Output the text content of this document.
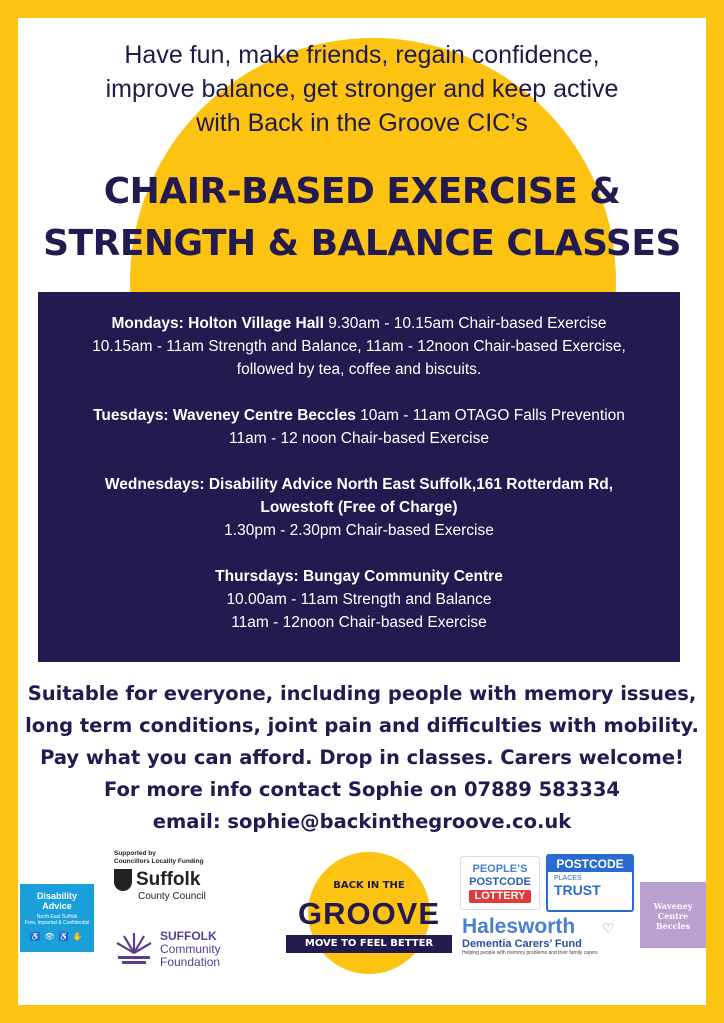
Have fun, make friends, regain confidence,
improve balance, get stronger and keep active
with Back in the Groove CIC’s
CHAIR-BASED EXERCISE &
STRENGTH & BALANCE CLASSES
Mondays: Holton Village Hall 9.30am - 10.15am Chair-based Exercise
10.15am - 11am Strength and Balance, 11am - 12noon Chair-based Exercise,
followed by tea, coffee and biscuits.
Tuesdays: Waveney Centre Beccles 10am - 11am OTAGO Falls Prevention
11am - 12 noon Chair-based Exercise
Wednesdays: Disability Advice North East Suffolk,161 Rotterdam Rd,
Lowestoft (Free of Charge)
1.30pm - 2.30pm Chair-based Exercise
Thursdays: Bungay Community Centre
10.00am - 11am Strength and Balance
11am - 12noon Chair-based Exercise
Suitable for everyone, including people with memory issues,
long term conditions, joint pain and difficulties with mobility.
Pay what you can afford. Drop in classes. Carers welcome!
For more info contact Sophie on 07889 583334
email: sophie@backinthegroove.co.uk
Disability
Advice
North East Suffolk
Free, Impartial & Confidential
♿ 👁 ♿ ✋
Supported by
Councillors Locality Funding
Suffolk
County Council
SUFFOLK
Community
Foundation
BACK IN THE
GROOVE
MOVE TO FEEL BETTER
PEOPLE’S
POSTCODE
LOTTERY
POSTCODE
PLACES
TRUST
Halesworth	♡
Dementia Carers’ Fund
Helping people with memory problems and their family carers
Waveney
Centre
Beccles
